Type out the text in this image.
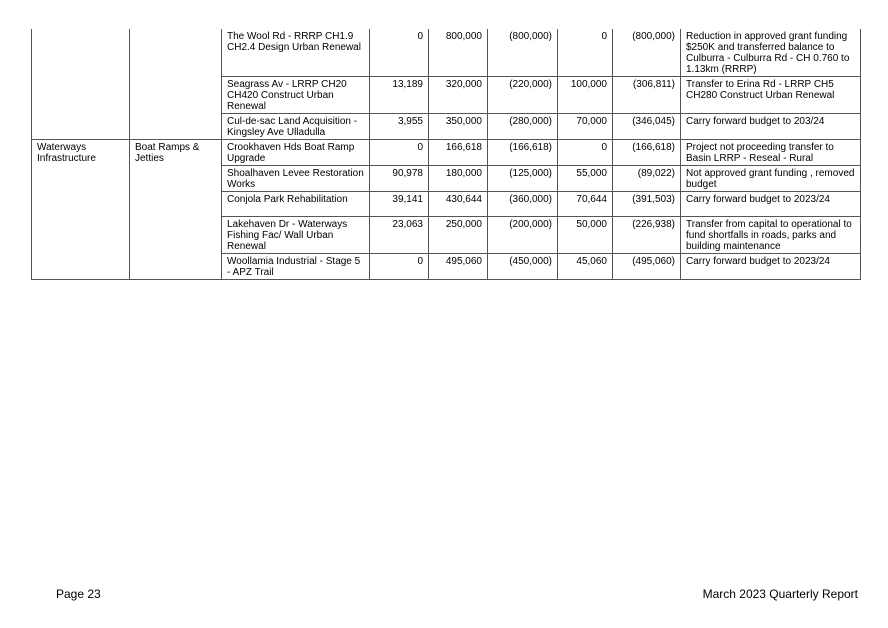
		The Wool Rd - RRRP CH1.9 CH2.4 Design Urban Renewal	0	800,000	(800,000)	0	(800,000)	Reduction in approved grant funding $250K and transferred balance to Culburra - Culburra Rd - CH 0.760 to 1.13km (RRRP)
		Seagrass Av - LRRP CH20 CH420 Construct Urban Renewal	13,189	320,000	(220,000)	100,000	(306,811)	Transfer to Erina Rd - LRRP CH5 CH280 Construct Urban Renewal
		Cul-de-sac Land Acquisition - Kingsley Ave Ulladulla	3,955	350,000	(280,000)	70,000	(346,045)	Carry forward budget to 203/24
Waterways Infrastructure	Boat Ramps & Jetties	Crookhaven Hds Boat Ramp Upgrade	0	166,618	(166,618)	0	(166,618)	Project not proceeding transfer to Basin LRRP - Reseal - Rural
		Shoalhaven Levee Restoration Works	90,978	180,000	(125,000)	55,000	(89,022)	Not approved grant funding , removed budget
		Conjola Park Rehabilitation	39,141	430,644	(360,000)	70,644	(391,503)	Carry forward budget to 2023/24
		Lakehaven Dr - Waterways Fishing Fac/ Wall Urban Renewal	23,063	250,000	(200,000)	50,000	(226,938)	Transfer from capital to operational to fund shortfalls in roads, parks and building maintenance
		Woollamia Industrial - Stage 5 - APZ Trail	0	495,060	(450,000)	45,060	(495,060)	Carry forward budget to 2023/24
Page 23	March 2023 Quarterly Report
